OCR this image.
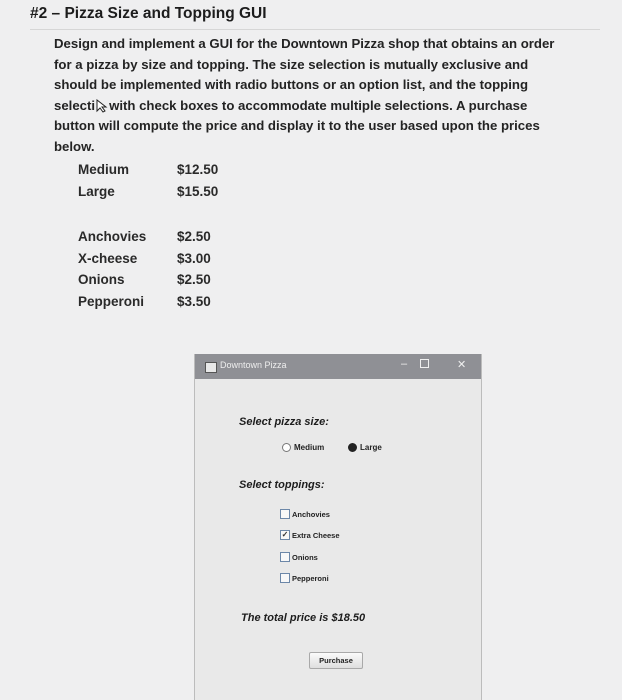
#2 – Pizza Size and Topping GUI
Design and implement a GUI for the Downtown Pizza shop that obtains an order for a pizza by size and topping. The size selection is mutually exclusive and should be implemented with radio buttons or an option list, and the topping selecti with check boxes to accommodate multiple selections. A purchase button will compute the price and display it to the user based upon the prices below.
Medium	$12.50
Large	$15.50
Anchovies $2.50
X-cheese	$3.00
Onions	$2.50
Pepperoni $3.50
Downtown Pizza	–	✕
Select pizza size:
Medium	Large
Select toppings:
Anchovies
✓ Extra Cheese
Onions
Pepperoni
The total price is $18.50
Purchase
